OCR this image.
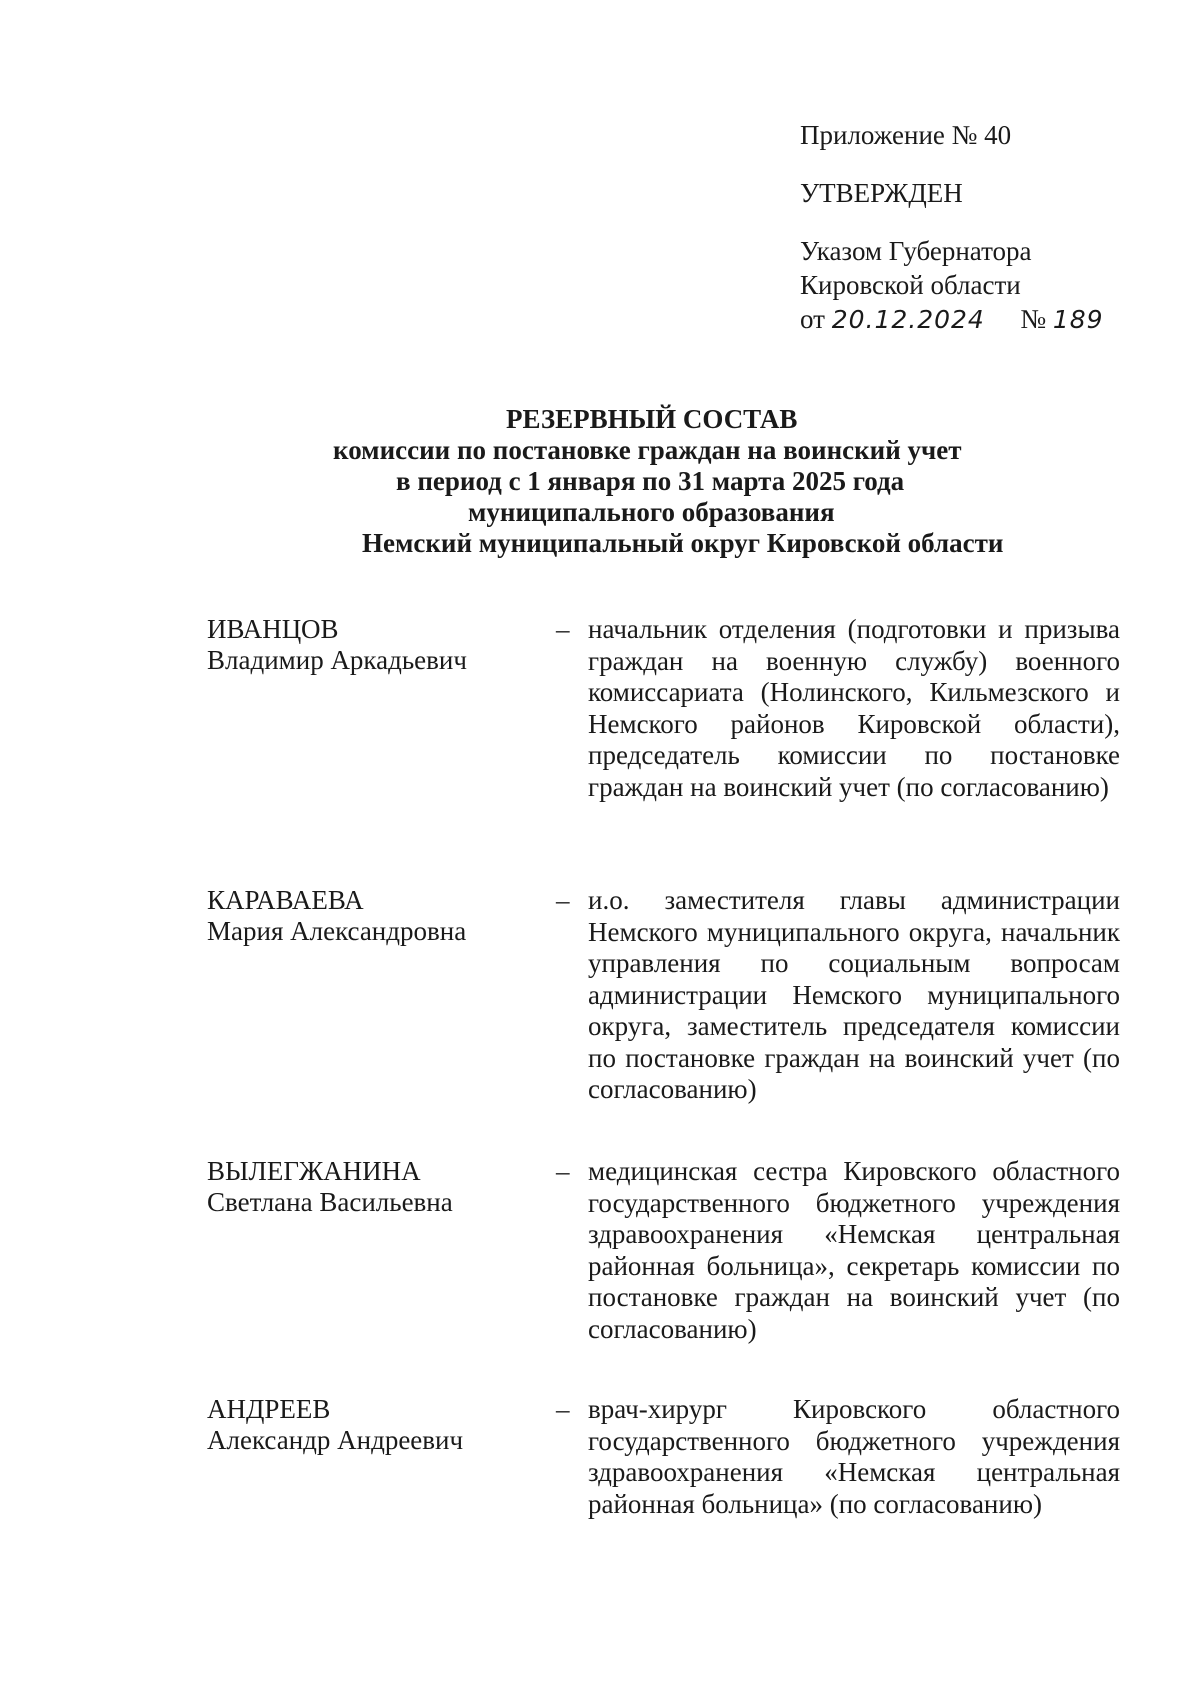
Приложение № 40
УТВЕРЖДЕН
Указом Губернатора
Кировской области
от 20.12.2024 № 189
РЕЗЕРВНЫЙ СОСТАВ
комиссии по постановке граждан на воинский учет
в период с 1 января по 31 марта 2025 года
муниципального образования
Немский муниципальный округ Кировской области
ИВАНЦОВ
Владимир Аркадьевич
– начальник отделения (подготовки и призыва граждан на военную службу) военного комиссариата (Нолинского, Кильмезского и Немского районов Кировской области), председатель комиссии по постановке граждан на воинский учет (по согласованию)
КАРАВАЕВА
Мария Александровна
– и.о. заместителя главы администрации Немского муниципального округа, начальник управления по социальным вопросам администрации Немского муниципального округа, заместитель председателя комиссии по постановке граждан на воинский учет (по согласованию)
ВЫЛЕГЖАНИНА
Светлана Васильевна
– медицинская сестра Кировского областного государственного бюджетного учреждения здравоохранения «Немская центральная районная больница», секретарь комиссии по постановке граждан на воинский учет (по согласованию)
АНДРЕЕВ
Александр Андреевич
– врач-хирург Кировского областного государственного бюджетного учреждения здравоохранения «Немская центральная районная больница» (по согласованию)
